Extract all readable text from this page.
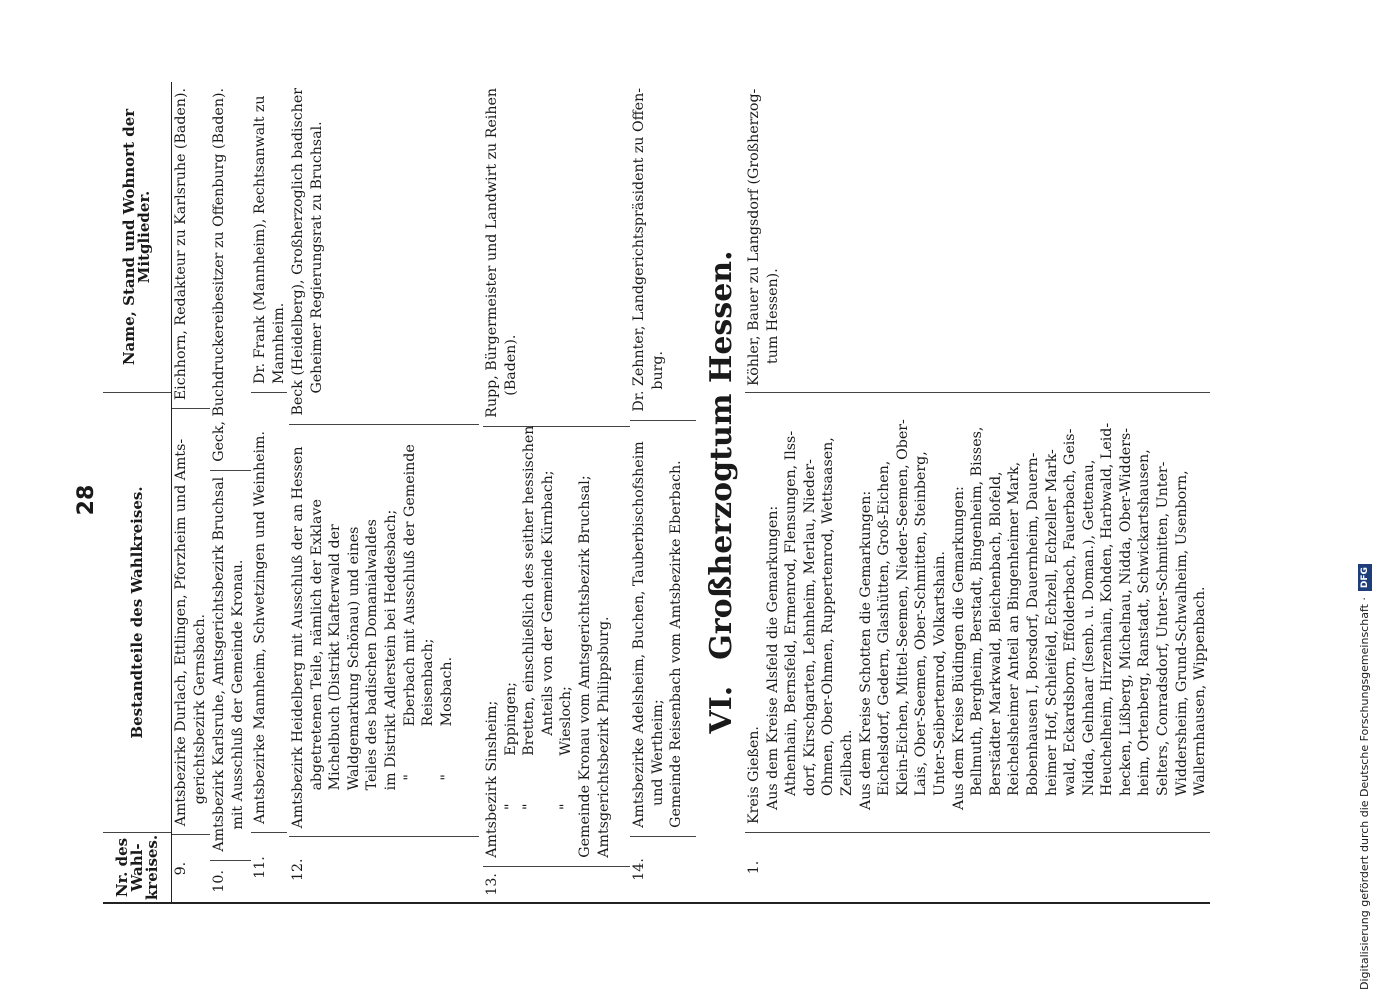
28
Nr. des Wahl-kreises.
Bestandteile des Wahlkreises.
Name, Stand und Wohnort der Mitglieder.
9.
Amtsbezirke Durlach, Ettlingen, Pforzheim und Amts- gerichtsbezirk Gernsbach.
Eichhorn, Redakteur zu Karlsruhe (Baden).
10.
Amtsbezirk Karlsruhe, Amtsgerichtsbezirk Bruchsal mit Ausschluß der Gemeinde Kronau.
Geck, Buchdruckereibesitzer zu Offenburg (Baden).
11.
Amtsbezirke Mannheim, Schwetzingen und Weinheim.
Dr. Frank (Mannheim), Rechtsanwalt zu Mannheim.
12.
Amtsbezirk Heidelberg mit Ausschluß der an Hessen abgetretenen Teile, nämlich der Exklave Michelbuch (Distrikt Klafterwald der Waldgemarkung Schönau) und eines Teiles des badischen Domanialwaldes im Distrikt Adlerstein bei Heddesbach; "Eberbach mit Ausschluß der Gemeinde Reisenbach;
"Mosbach.
Beck (Heidelberg), Großherzoglich badischer Geheimer Regierungsrat zu Bruchsal.
13.
Amtsbezirk Sinsheim; "Eppingen;
"Bretten, einschließlich des seither hessischen Anteils von der Gemeinde Kürnbach;
"Wiesloch; Gemeinde Kronau vom Amtsgerichtsbezirk Bruchsal; Amtsgerichtsbezirk Philippsburg.
Rupp, Bürgermeister und Landwirt zu Reihen (Baden).
14.
Amtsbezirke Adelsheim, Buchen, Tauberbischofsheim und Wertheim; Gemeinde Reisenbach vom Amtsbezirke Eberbach.
Dr. Zehnter, Landgerichtspräsident zu Offen- burg.
VI.Großherzogtum Hessen.
1.
Kreis Gießen. Aus dem Kreise Alsfeld die Gemarkungen: Athenhain, Bernsfeld, Ermenrod, Flensungen, Ilss- dorf, Kirschgarten, Lehnheim, Merlau, Nieder- Ohmen, Ober-Ohmen, Ruppertenrod, Wettsaasen, Zeilbach. Aus dem Kreise Schotten die Gemarkungen: Eichelsdorf, Gedern, Glashütten, Groß-Eichen, Klein-Eichen, Mittel-Seemen, Nieder-Seemen, Ober- Lais, Ober-Seemen, Ober-Schmitten, Steinberg, Unter-Seibertenrod, Volkartshain. Aus dem Kreise Büdingen die Gemarkungen: Bellmuth, Bergheim, Berstadt, Bingenheim, Bisses, Berstädter Markwald, Bleichenbach, Blofeld, Reichelsheimer Anteil an Bingenheimer Mark, Bobenhausen I, Borsdorf, Dauernheim, Dauern- heimer Hof, Schleifeld, Echzell, Echzeller Mark- wald, Eckardsborn, Effolderbach, Fauerbach, Geis- Nidda, Gelnhaar (Isenb. u. Doman.), Gettenau, Heuchelheim, Hirzenhain, Kohden, Harbwald, Leid- hecken, Lißberg, Michelnau, Nidda, Ober-Widders- heim, Ortenberg, Ranstadt, Schwickartshausen, Selters, Conradsdorf, Unter-Schmitten, Unter- Widdersheim, Grund-Schwalheim, Usenborn, Wallernhausen, Wippenbach.
Köhler, Bauer zu Langsdorf (Großherzog- tum Hessen).
Digitalisierung gefördert durch die Deutsche Forschungsgemeinschaft ·
DFG
